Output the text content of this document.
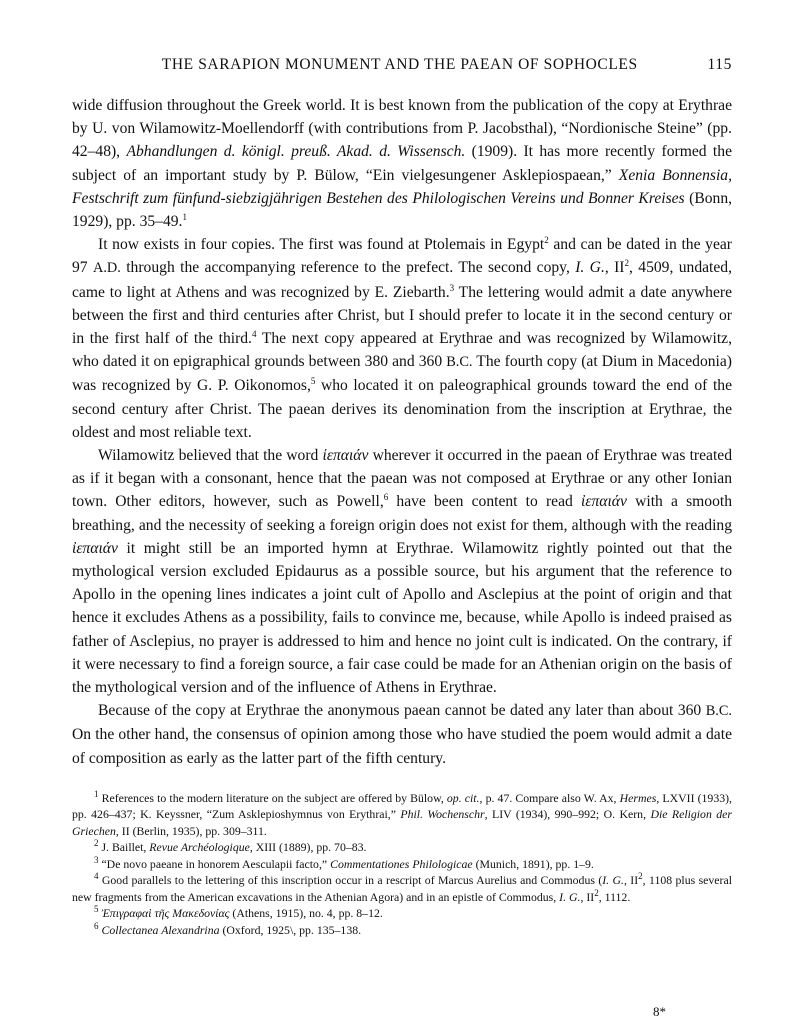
THE SARAPION MONUMENT AND THE PAEAN OF SOPHOCLES	115

wide diffusion throughout the Greek world. It is best known from the publication of the copy at Erythrae by U. von Wilamowitz-Moellendorff (with contributions from P. Jacobsthal), “Nordionische Steine” (pp. 42–48), Abhandlungen d. königl. preuß. Akad. d. Wissensch. (1909). It has more recently formed the subject of an important study by P. Bülow, “Ein vielgesungener Asklepiospaean,” Xenia Bonnensia, Festschrift zum fünfund-siebzigjährigen Bestehen des Philologischen Vereins und Bonner Kreises (Bonn, 1929), pp. 35–49.$^1$

It now exists in four copies. The first was found at Ptolemais in Egypt$^2$ and can be dated in the year 97 A.D. through the accompanying reference to the prefect. The second copy, I. G., II$^2$, 4509, undated, came to light at Athens and was recognized by E. Ziebarth.$^3$ The lettering would admit a date anywhere between the first and third centuries after Christ, but I should prefer to locate it in the second century or in the first half of the third.$^4$ The next copy appeared at Erythrae and was recognized by Wilamowitz, who dated it on epigraphical grounds between 380 and 360 B.C. The fourth copy (at Dium in Macedonia) was recognized by G. P. Oikonomos,$^5$ who located it on paleographical grounds toward the end of the second century after Christ. The paean derives its denomination from the inscription at Erythrae, the oldest and most reliable text.

Wilamowitz believed that the word ἱεπαιάν wherever it occurred in the paean of Erythrae was treated as if it began with a consonant, hence that the paean was not composed at Erythrae or any other Ionian town. Other editors, however, such as Powell,$^6$ have been content to read ἰεπαιάν with a smooth breathing, and the necessity of seeking a foreign origin does not exist for them, although with the reading ἰεπαιάν it might still be an imported hymn at Erythrae. Wilamowitz rightly pointed out that the mythological version excluded Epidaurus as a possible source, but his argument that the reference to Apollo in the opening lines indicates a joint cult of Apollo and Asclepius at the point of origin and that hence it excludes Athens as a possibility, fails to convince me, because, while Apollo is indeed praised as father of Asclepius, no prayer is addressed to him and hence no joint cult is indicated. On the contrary, if it were necessary to find a foreign source, a fair case could be made for an Athenian origin on the basis of the mythological version and of the influence of Athens in Erythrae.

Because of the copy at Erythrae the anonymous paean cannot be dated any later than about 360 B.C. On the other hand, the consensus of opinion among those who have studied the poem would admit a date of composition as early as the latter part of the fifth century.

$^1$ References to the modern literature on the subject are offered by Bülow, op. cit., p. 47. Compare also W. Ax, Hermes, LXVII (1933), pp. 426–437; K. Keyssner, “Zum Asklepioshymnus von Erythrai,” Phil. Wochenschr, LIV (1934), 990–992; O. Kern, Die Religion der Griechen, II (Berlin, 1935), pp. 309–311.

$^2$ J. Baillet, Revue Archéologique, XIII (1889), pp. 70–83.

$^3$ “De novo paeane in honorem Aesculapii facto,” Commentationes Philologicae (Munich, 1891), pp. 1–9.

$^4$ Good parallels to the lettering of this inscription occur in a rescript of Marcus Aurelius and Commodus (I. G., II$^2$, 1108 plus several new fragments from the American excavations in the Athenian Agora) and in an epistle of Commodus, I. G., II$^2$, 1112.

$^5$ Ἐπιγραφαὶ τῆς Μακεδονίας (Athens, 1915), no. 4, pp. 8–12.

$^6$ Collectanea Alexandrina (Oxford, 1925\, pp. 135–138.

8*
